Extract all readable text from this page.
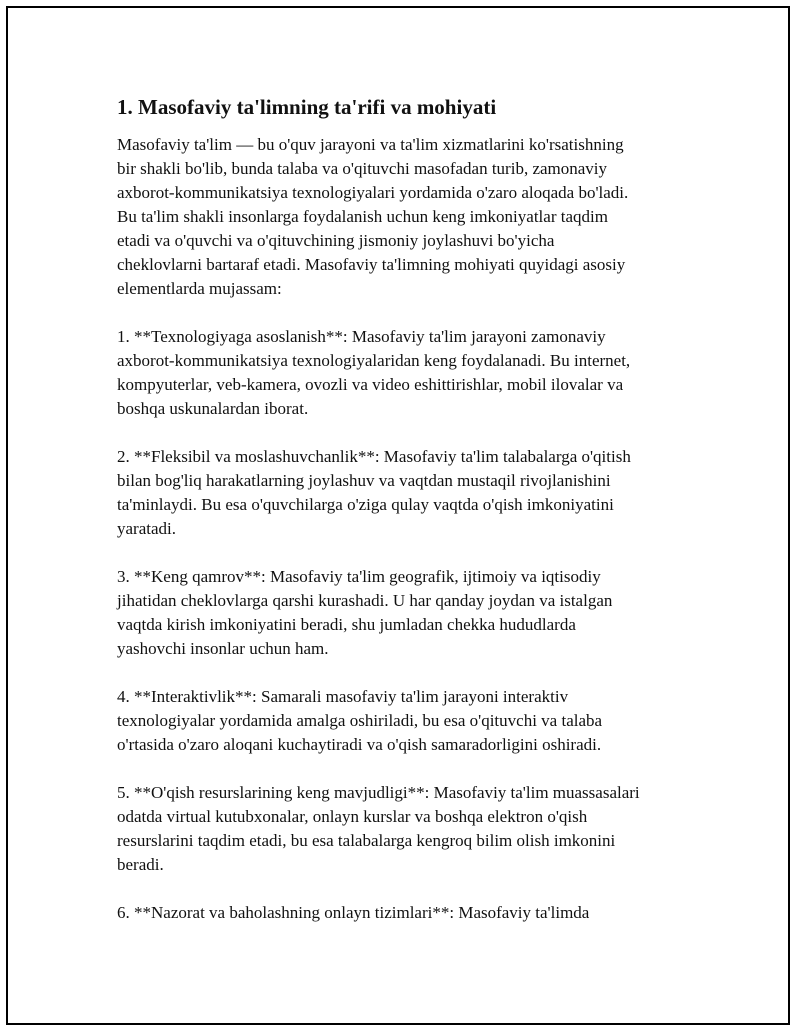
1. Masofaviy ta'limning ta'rifi va mohiyati

Masofaviy ta'lim — bu o'quv jarayoni va ta'lim xizmatlarini ko'rsatishning
bir shakli bo'lib, bunda talaba va o'qituvchi masofadan turib, zamonaviy
axborot-kommunikatsiya texnologiyalari yordamida o'zaro aloqada bo'ladi.
Bu ta'lim shakli insonlarga foydalanish uchun keng imkoniyatlar taqdim
etadi va o'quvchi va o'qituvchining jismoniy joylashuvi bo'yicha
cheklovlarni bartaraf etadi. Masofaviy ta'limning mohiyati quyidagi asosiy
elementlarda mujassam:

1. **Texnologiyaga asoslanish**: Masofaviy ta'lim jarayoni zamonaviy
axborot-kommunikatsiya texnologiyalaridan keng foydalanadi. Bu internet,
kompyuterlar, veb-kamera, ovozli va video eshittirishlar, mobil ilovalar va
boshqa uskunalardan iborat.

2. **Fleksibil va moslashuvchanlik**: Masofaviy ta'lim talabalarga o'qitish
bilan bog'liq harakatlarning joylashuv va vaqtdan mustaqil rivojlanishini
ta'minlaydi. Bu esa o'quvchilarga o'ziga qulay vaqtda o'qish imkoniyatini
yaratadi.

3. **Keng qamrov**: Masofaviy ta'lim geografik, ijtimoiy va iqtisodiy
jihatidan cheklovlarga qarshi kurashadi. U har qanday joydan va istalgan
vaqtda kirish imkoniyatini beradi, shu jumladan chekka hududlarda
yashovchi insonlar uchun ham.

4. **Interaktivlik**: Samarali masofaviy ta'lim jarayoni interaktiv
texnologiyalar yordamida amalga oshiriladi, bu esa o'qituvchi va talaba
o'rtasida o'zaro aloqani kuchaytiradi va o'qish samaradorligini oshiradi.

5. **O'qish resurslarining keng mavjudligi**: Masofaviy ta'lim muassasalari
odatda virtual kutubxonalar, onlayn kurslar va boshqa elektron o'qish
resurslarini taqdim etadi, bu esa talabalarga kengroq bilim olish imkonini
beradi.

6. **Nazorat va baholashning onlayn tizimlari**: Masofaviy ta'limda
